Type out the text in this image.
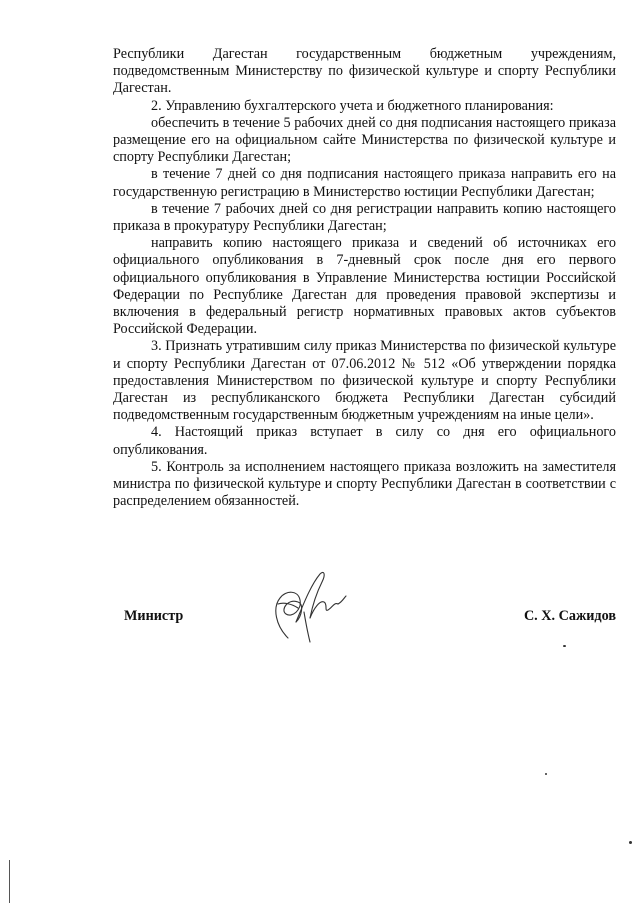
Республики Дагестан государственным бюджетным учреждениям, подведомственным Министерству по физической культуре и спорту Республики Дагестан.

2. Управлению бухгалтерского учета и бюджетного планирования:

обеспечить в течение 5 рабочих дней со дня подписания настоящего приказа размещение его на официальном сайте Министерства по физической культуре и спорту Республики Дагестан;

в течение 7 дней со дня подписания настоящего приказа направить его на государственную регистрацию в Министерство юстиции Республики Дагестан;

в течение 7 рабочих дней со дня регистрации направить копию настоящего приказа в прокуратуру Республики Дагестан;

направить копию настоящего приказа и сведений об источниках его официального опубликования в 7-дневный срок после дня его первого официального опубликования в Управление Министерства юстиции Российской Федерации по Республике Дагестан для проведения правовой экспертизы и включения в федеральный регистр нормативных правовых актов субъектов Российской Федерации.

3. Признать утратившим силу приказ Министерства по физической культуре и спорту Республики Дагестан от 07.06.2012 № 512 «Об утверждении порядка предоставления Министерством по физической культуре и спорту Республики Дагестан из республиканского бюджета Республики Дагестан субсидий подведомственным государственным бюджетным учреждениям на иные цели».

4. Настоящий приказ вступает в силу со дня его официального опубликования.

5. Контроль за исполнением настоящего приказа возложить на заместителя министра по физической культуре и спорту Республики Дагестан в соответствии с распределением обязанностей.

Министр	С. Х. Сажидов
